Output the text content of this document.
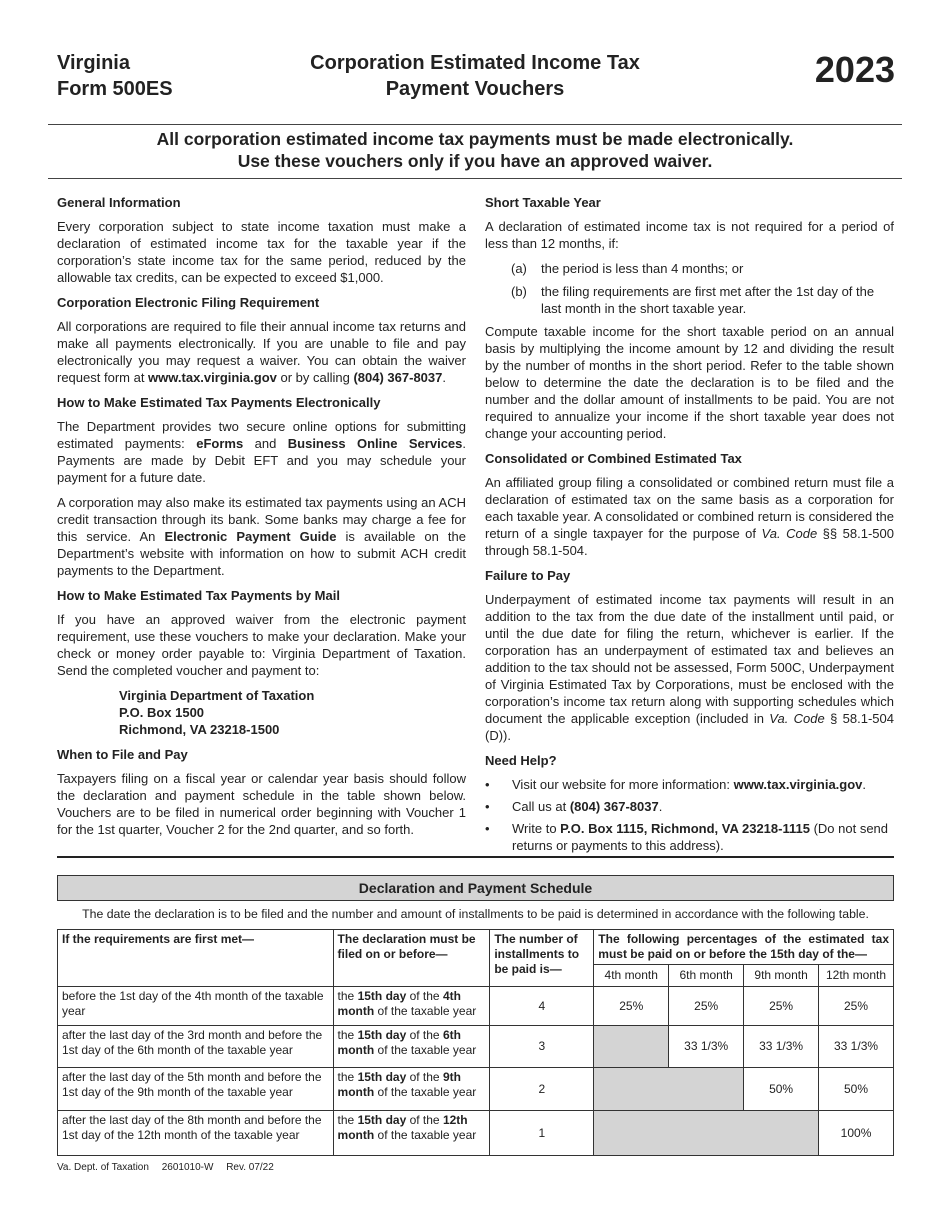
Virginia
Form 500ES
Corporation Estimated Income Tax
Payment Vouchers	2023
All corporation estimated income tax payments must be made electronically.
Use these vouchers only if you have an approved waiver.
General Information

Every corporation subject to state income taxation must make a declaration of estimated income tax for the taxable year if the corporation’s state income tax for the same period, reduced by the allowable tax credits, can be expected to exceed $1,000.

Corporation Electronic Filing Requirement

All corporations are required to file their annual income tax returns and make all payments electronically. If you are unable to file and pay electronically you may request a waiver. You can obtain the waiver request form at www.tax.virginia.gov or by calling (804) 367-8037.

How to Make Estimated Tax Payments Electronically

The Department provides two secure online options for submitting estimated payments: eForms and Business Online Services. Payments are made by Debit EFT and you may schedule your payment for a future date.

A corporation may also make its estimated tax payments using an ACH credit transaction through its bank. Some banks may charge a fee for this service. An Electronic Payment Guide is available on the Department’s website with information on how to submit ACH credit payments to the Department.

How to Make Estimated Tax Payments by Mail

If you have an approved waiver from the electronic payment requirement, use these vouchers to make your declaration. Make your check or money order payable to: Virginia Department of Taxation. Send the completed voucher and payment to:

Virginia Department of Taxation
P.O. Box 1500
Richmond, VA 23218-1500
When to File and Pay

Taxpayers filing on a fiscal year or calendar year basis should follow the declaration and payment schedule in the table shown below. Vouchers are to be filed in numerical order beginning with Voucher 1 for the 1st quarter, Voucher 2 for the 2nd quarter, and so forth.

Short Taxable Year

A declaration of estimated income tax is not required for a period of less than 12 months, if:

(a)	the period is less than 4 months; or
(b)	the filing requirements are first met after the 1st day of the last month in the short taxable year.

Compute taxable income for the short taxable period on an annual basis by multiplying the income amount by 12 and dividing the result by the number of months in the short period. Refer to the table shown below to determine the date the declaration is to be filed and the number and the dollar amount of installments to be paid. You are not required to annualize your income if the short taxable year does not change your accounting period.

Consolidated or Combined Estimated Tax

An affiliated group filing a consolidated or combined return must file a declaration of estimated tax on the same basis as a corporation for each taxable year. A consolidated or combined return is considered the return of a single taxpayer for the purpose of Va. Code §§ 58.1-500 through 58.1-504.

Failure to Pay

Underpayment of estimated income tax payments will result in an addition to the tax from the due date of the installment until paid, or until the due date for filing the return, whichever is earlier. If the corporation has an underpayment of estimated tax and believes an addition to the tax should not be assessed, Form 500C, Underpayment of Virginia Estimated Tax by Corporations, must be enclosed with the corporation’s income tax return along with supporting schedules which document the applicable exception (included in Va. Code § 58.1-504 (D)).

Need Help?
•	Visit our website for more information: www.tax.virginia.gov.
•	Call us at (804) 367-8037.
•	Write to P.O. Box 1115, Richmond, VA 23218-1115 (Do not send returns or payments to this address).
Declaration and Payment Schedule
The date the declaration is to be filed and the number and amount of installments to be paid is determined in accordance with the following table.
If the requirements are first met—	The declaration must be filed on or before—	The number of installments to be paid is—	The following percentages of the estimated tax must be paid on or before the 15th day of the—			
			4th month	6th month	9th month	12th month
before the 1st day of the 4th month of the taxable year	the 15th day of the 4th month of the taxable year	4	25%	25%	25%	25%
after the last day of the 3rd month and before the 1st day of the 6th month of the taxable year	the 15th day of the 6th month of the taxable year	3		33 1/3%	33 1/3%	33 1/3%
after the last day of the 5th month and before the 1st day of the 9th month of the taxable year	the 15th day of the 9th month of the taxable year	2			50%	50%
after the last day of the 8th month and before the 1st day of the 12th month of the taxable year	the 15th day of the 12th month of the taxable year	1				100%
Va. Dept. of Taxation 2601010-W Rev. 07/22
